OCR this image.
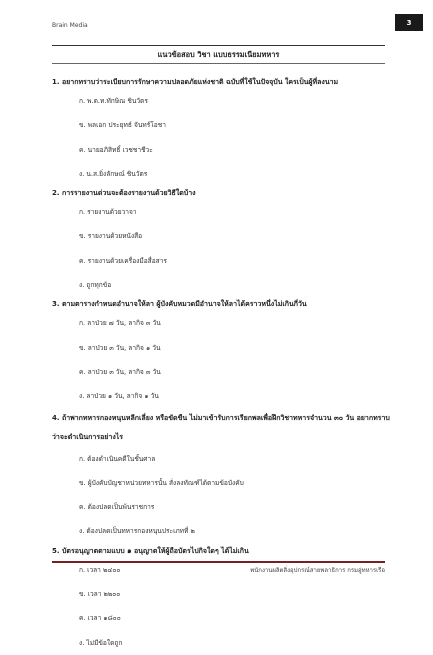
Brain Media	3
แนวข้อสอบ วิชา แบบธรรมเนียมทหาร
1. อยากทราบว่าระเบียบการรักษาความปลอดภัยแห่งชาติ ฉบับที่ใช้ในปัจจุบัน ใครเป็นผู้ที่ลงนาม
ก. พ.ต.ท.ทักษิณ ชินวัตร
ข. พลเอก ประยุทธ์ จันทร์โอชา
ค. นายอภิสิทธิ์ เวชชาชีวะ
ง. น.ส.ยิ่งลักษณ์ ชินวัตร
2. การรายงานด่วนจะต้องรายงานด้วยวิธีใดบ้าง
ก. รายงานด้วยวาจา
ข. รายงานด้วยหนังสือ
ค. รายงานด้วยเครื่องมือสื่อสาร
ง. ถูกทุกข้อ
3. ตามตารางกำหนดอำนาจให้ลา ผู้บังคับหมวดมีอำนาจให้ลาได้คราวหนึ่งไม่เกินกี่วัน
ก. ลาป่วย ๗ วัน, ลากิจ ๓ วัน
ข. ลาป่วย ๓ วัน, ลากิจ ๑ วัน
ค. ลาป่วย ๓ วัน, ลากิจ ๓ วัน
ง. ลาป่วย ๑ วัน, ลากิจ ๑ วัน
4. ถ้าพากทหารกองหนุนหลีกเลี่ยง หรือขัดขืน ไม่มาเข้ารับการเรียกพลเพื่อฝึกวิชาทหารจำนวน ๓๐ วัน อยากทราบว่าจะดำเนินการอย่างไร
ก. ต้องดำเนินคดีในชั้นศาล
ข. ผู้บังคับบัญชาหน่วยทหารนั้น สั่งลงทัณฑ์ได้ตามข้อบังคับ
ค. ต้องปลดเป็นพ้นราชการ
ง. ต้องปลดเป็นทหารกองหนุนประเภทที่ ๒
5. บัตรอนุญาตตามแบบ ๑ อนุญาตให้ผู้ถือบัตรไปกิจใดๆ ได้ไม่เกิน
ก. เวลา ๒๔๐๐
ข. เวลา ๒๒๐๐
ค. เวลา ๑๘๐๐
ง. ไม่มีข้อใดถูก
พนักงานผลิตสิ่งอุปกรณ์สายพลาธิการ กรมอู่ทหารเรือ
